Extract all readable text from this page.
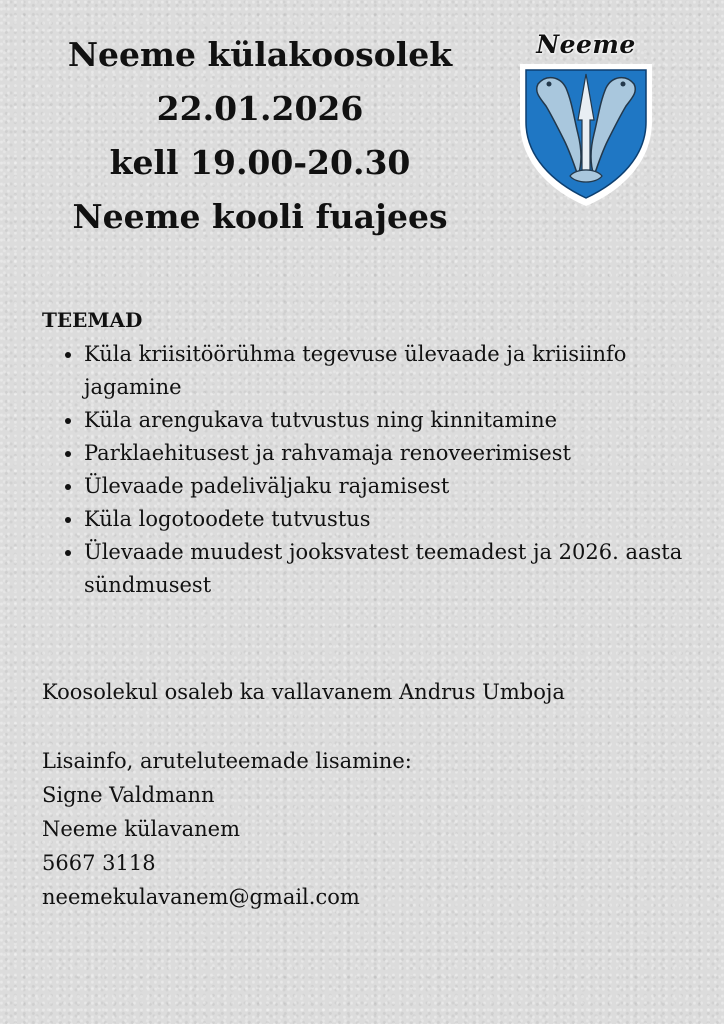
Neeme külakoosolek
22.01.2026
kell 19.00-20.30
Neeme kooli fuajees
Neeme
TEEMAD
• Küla kriisitöörühma tegevuse ülevaade ja kriisiinfo jagamine
• Küla arengukava tutvustus ning kinnitamine
• Parklaehitusest ja rahvamaja renoveerimisest
• Ülevaade padeliväljaku rajamisest
• Küla logotoodete tutvustus
• Ülevaade muudest jooksvatest teemadest ja 2026. aasta sündmusest
Koosolekul osaleb ka vallavanem Andrus Umboja
Lisainfo, aruteluteemade lisamine:
Signe Valdmann
Neeme külavanem
5667 3118
neemekulavanem@gmail.com
